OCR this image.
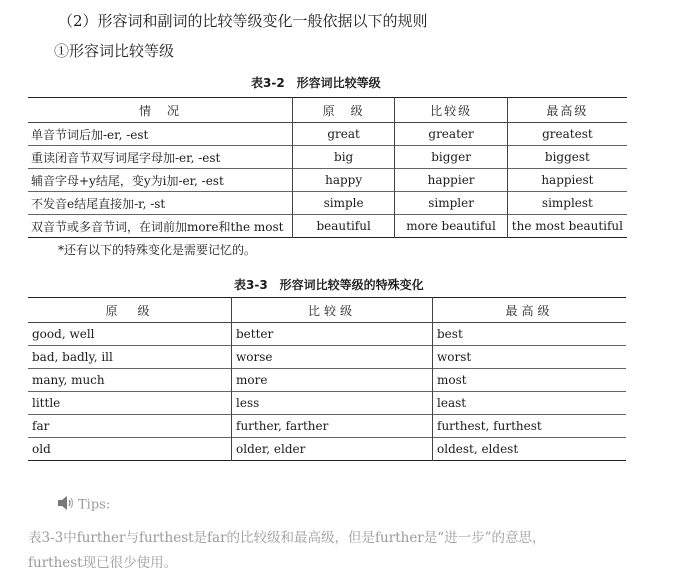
（2）形容词和副词的比较等级变化一般依据以下的规则
①形容词比较等级
表3-2　形容词比较等级
情　况	原　级	比较级	最高级
单音节词后加-er, -est	great	greater	greatest
重读闭音节双写词尾字母加-er, -est	big	bigger	biggest
辅音字母+y结尾，变y为i加-er, -est	happy	happier	happiest
不发音e结尾直接加-r, -st	simple	simpler	simplest
双音节或多音节词，在词前加more和the most	beautiful	more beautiful	the most beautiful
*还有以下的特殊变化是需要记忆的。
表3-3　形容词比较等级的特殊变化
原　级	比较级	最高级
good, well	better	best
bad, badly, ill	worse	worst
many, much	more	most
little	less	least
far	further, farther	furthest, furthest
old	older, elder	oldest, eldest
Tips:
表3-3中further与furthest是far的比较级和最高级，但是further是“进一步”的意思，
furthest现已很少使用。
